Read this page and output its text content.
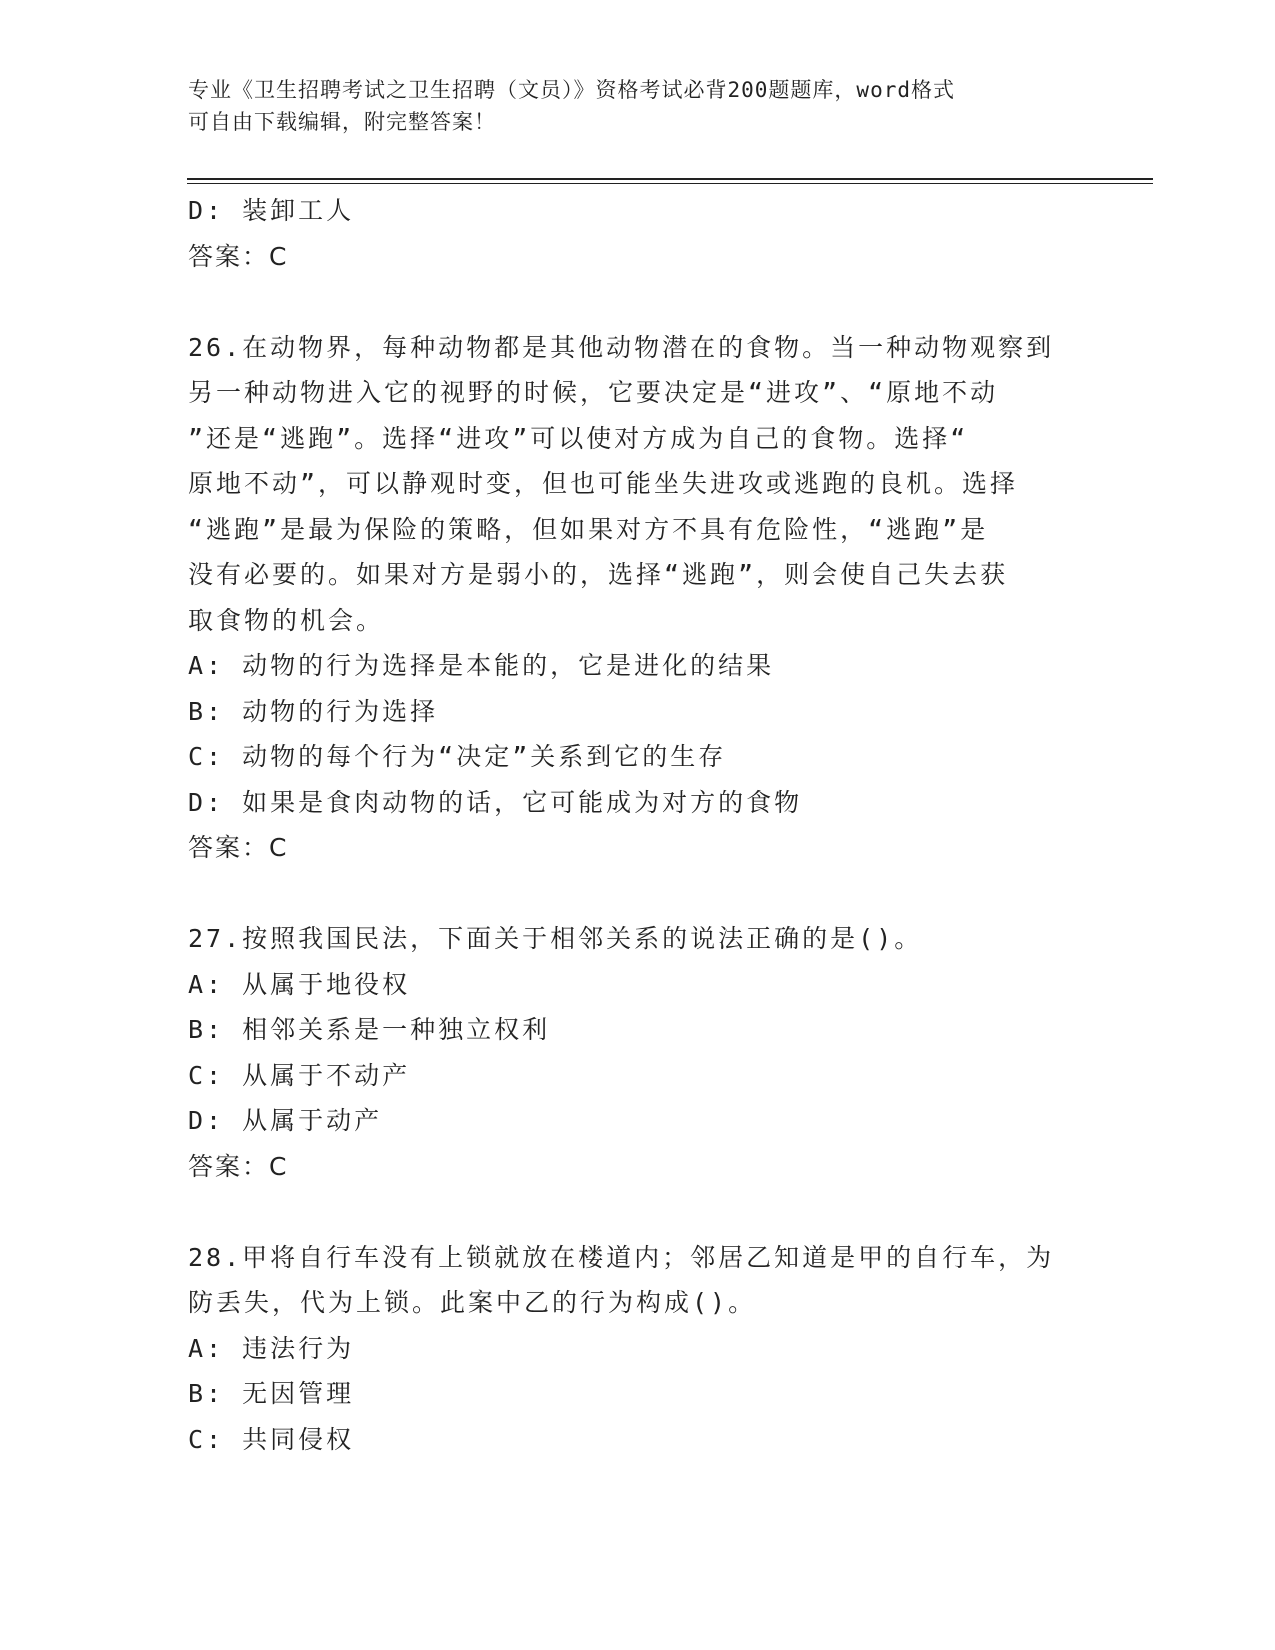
专业《卫生招聘考试之卫生招聘（文员）》资格考试必背200题题库，word格式
可自由下载编辑，附完整答案！
D: 装卸工人
答案：C
26.在动物界，每种动物都是其他动物潜在的食物。当一种动物观察到
另一种动物进入它的视野的时候，它要决定是“进攻”、“原地不动
”还是“逃跑”。选择“进攻”可以使对方成为自己的食物。选择“
原地不动”，可以静观时变，但也可能坐失进攻或逃跑的良机。选择
“逃跑”是最为保险的策略，但如果对方不具有危险性，“逃跑”是
没有必要的。如果对方是弱小的，选择“逃跑”，则会使自己失去获
取食物的机会。
A: 动物的行为选择是本能的，它是进化的结果
B: 动物的行为选择
C: 动物的每个行为“决定”关系到它的生存
D: 如果是食肉动物的话，它可能成为对方的食物
答案：C
27.按照我国民法，下面关于相邻关系的说法正确的是()。
A: 从属于地役权
B: 相邻关系是一种独立权利
C: 从属于不动产
D: 从属于动产
答案：C
28.甲将自行车没有上锁就放在楼道内；邻居乙知道是甲的自行车，为
防丢失，代为上锁。此案中乙的行为构成()。
A: 违法行为
B: 无因管理
C: 共同侵权
